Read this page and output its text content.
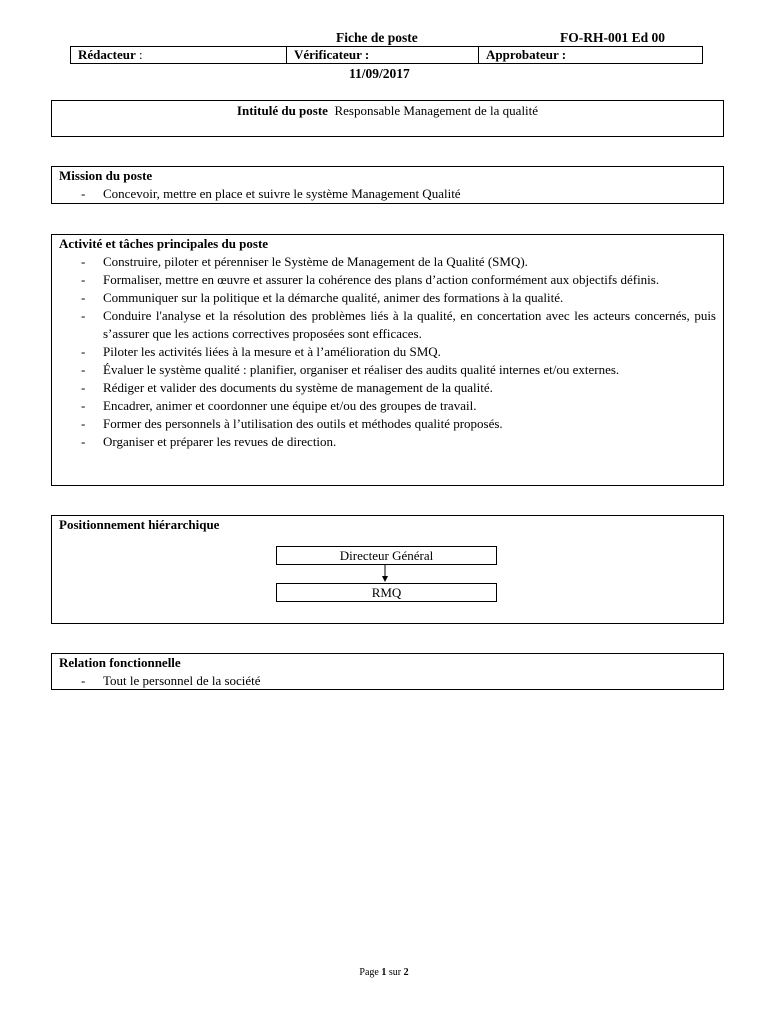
Fiche de poste	FO-RH-001 Ed 00
Rédacteur :	Vérificateur :	Approbateur :
11/09/2017
Intitulé du poste Responsable Management de la qualité
Mission du poste
- Concevoir, mettre en place et suivre le système Management Qualité
Activité et tâches principales du poste
- Construire, piloter et pérenniser le Système de Management de la Qualité (SMQ).
- Formaliser, mettre en œuvre et assurer la cohérence des plans d’action conformément aux objectifs définis.
- Communiquer sur la politique et la démarche qualité, animer des formations à la qualité.
- Conduire l'analyse et la résolution des problèmes liés à la qualité, en concertation avec les acteurs concernés, puis s’assurer que les actions correctives proposées sont efficaces.
- Piloter les activités liées à la mesure et à l’amélioration du SMQ.
- Évaluer le système qualité : planifier, organiser et réaliser des audits qualité internes et/ou externes.
- Rédiger et valider des documents du système de management de la qualité.
- Encadrer, animer et coordonner une équipe et/ou des groupes de travail.
- Former des personnels à l’utilisation des outils et méthodes qualité proposés.
- Organiser et préparer les revues de direction.
Positionnement hiérarchique
Directeur Général
RMQ
Relation fonctionnelle
- Tout le personnel de la société
Page 1 sur 2
